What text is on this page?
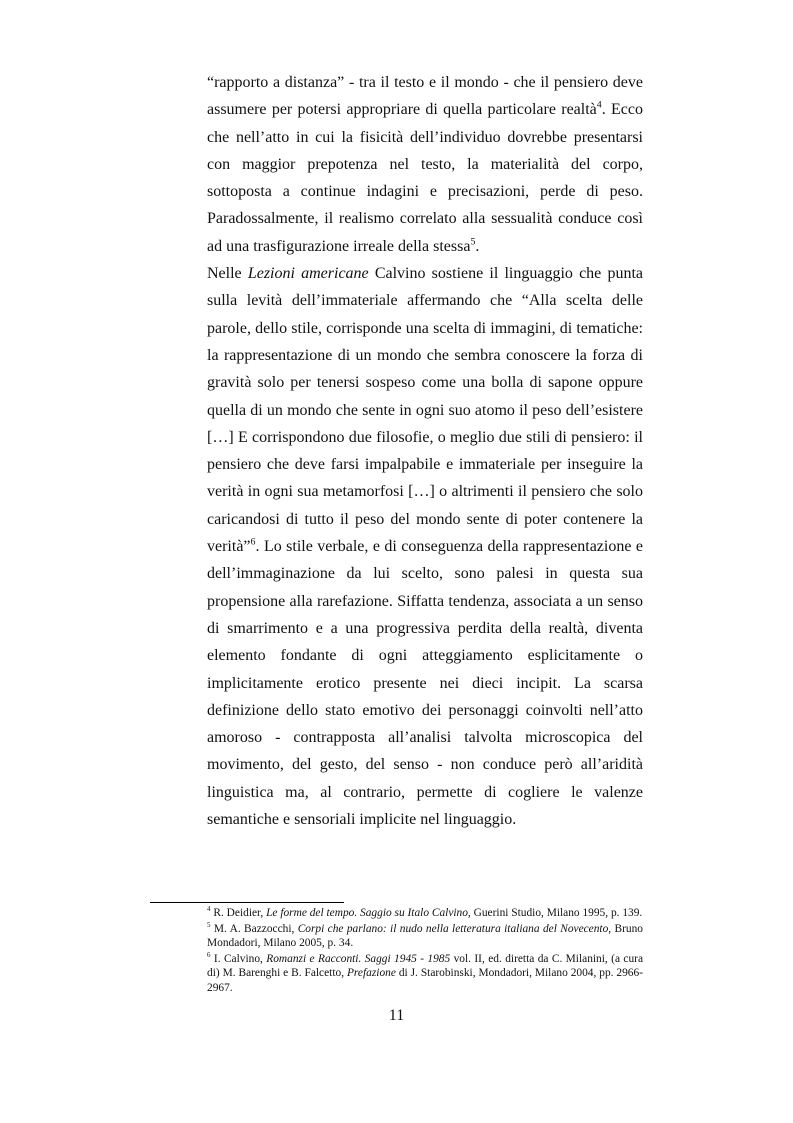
“rapporto a distanza” - tra il testo e il mondo - che il pensiero deve assumere per potersi appropriare di quella particolare realtà$^4$. Ecco che nell’atto in cui la fisicità dell’individuo dovrebbe presentarsi con maggior prepotenza nel testo, la materialità del corpo, sottoposta a continue indagini e precisazioni, perde di peso. Paradossalmente, il realismo correlato alla sessualità conduce così ad una trasfigurazione irreale della stessa$^5$.

Nelle Lezioni americane Calvino sostiene il linguaggio che punta sulla levità dell’immateriale affermando che “Alla scelta delle parole, dello stile, corrisponde una scelta di immagini, di tematiche: la rappresentazione di un mondo che sembra conoscere la forza di gravità solo per tenersi sospeso come una bolla di sapone oppure quella di un mondo che sente in ogni suo atomo il peso dell’esistere […] E corrispondono due filosofie, o meglio due stili di pensiero: il pensiero che deve farsi impalpabile e immateriale per inseguire la verità in ogni sua metamorfosi […] o altrimenti il pensiero che solo caricandosi di tutto il peso del mondo sente di poter contenere la verità”$^6$. Lo stile verbale, e di conseguenza della rappresentazione e dell’immaginazione da lui scelto, sono palesi in questa sua propensione alla rarefazione. Siffatta tendenza, associata a un senso di smarrimento e a una progressiva perdita della realtà, diventa elemento fondante di ogni atteggiamento esplicitamente o implicitamente erotico presente nei dieci incipit. La scarsa definizione dello stato emotivo dei personaggi coinvolti nell’atto amoroso - contrapposta all’analisi talvolta microscopica del movimento, del gesto, del senso - non conduce però all’aridità linguistica ma, al contrario, permette di cogliere le valenze semantiche e sensoriali implicite nel linguaggio.

$^4$ R. Deidier, Le forme del tempo. Saggio su Italo Calvino, Guerini Studio, Milano 1995, p. 139.

$^5$ M. A. Bazzocchi, Corpi che parlano: il nudo nella letteratura italiana del Novecento, Bruno Mondadori, Milano 2005, p. 34.

$^6$ I. Calvino, Romanzi e Racconti. Saggi 1945 - 1985 vol. II, ed. diretta da C. Milanini, (a cura di) M. Barenghi e B. Falcetto, Prefazione di J. Starobinski, Mondadori, Milano 2004, pp. 2966-2967.

11
